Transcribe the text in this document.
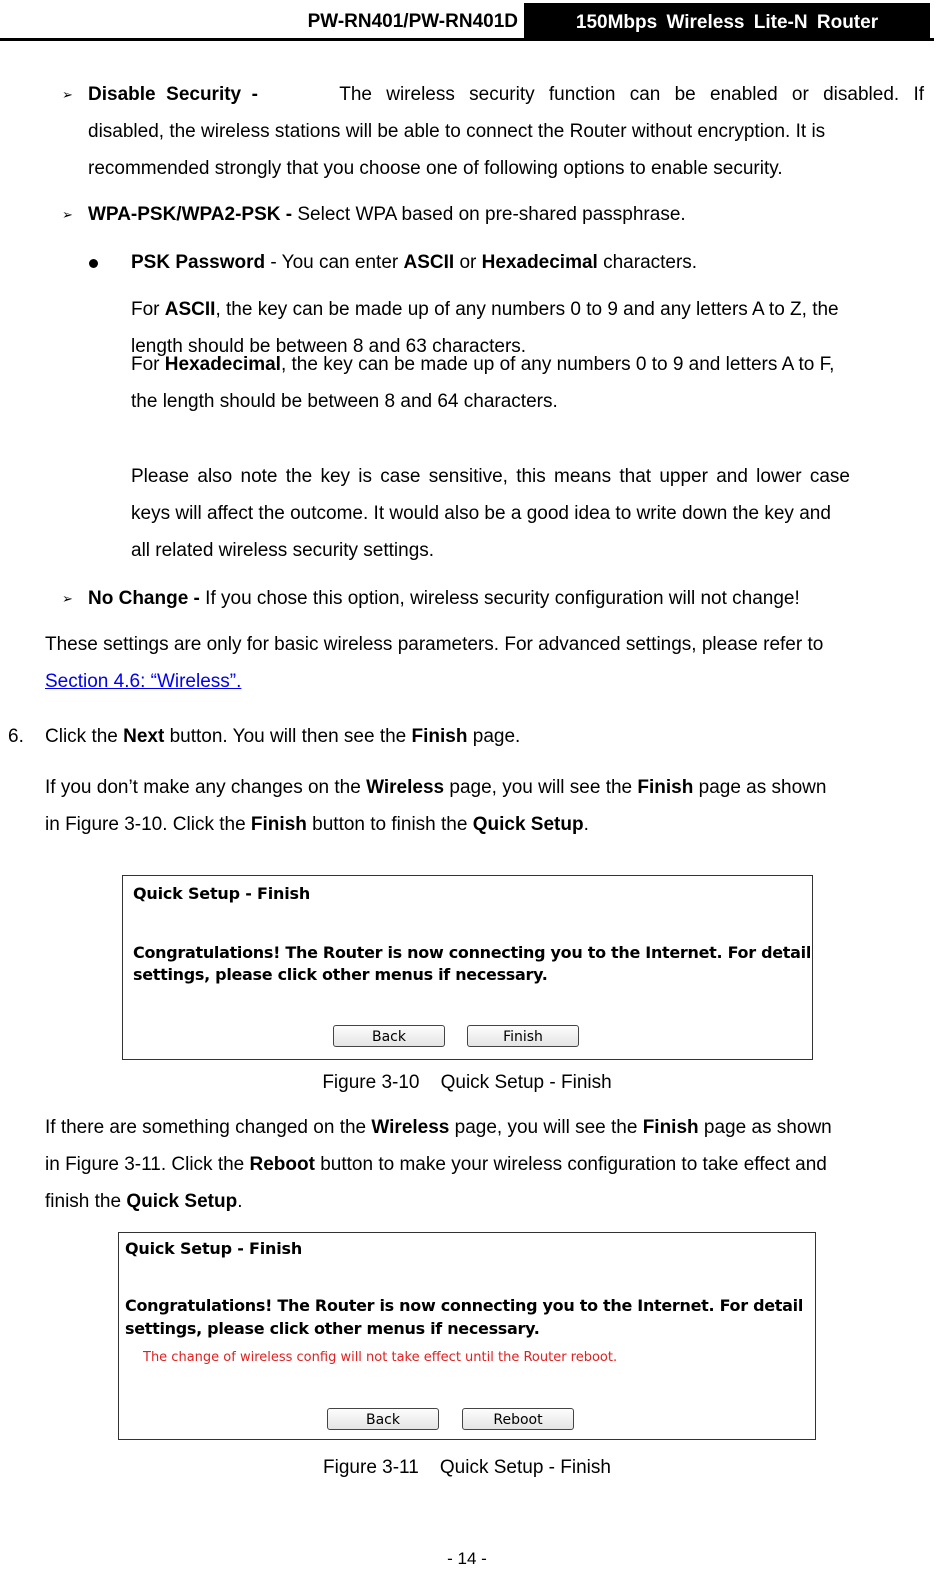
PW-RN401/PW-RN401D	150Mbps Wireless Lite-N Router
➢ Disable  Security  -	The wireless security function can be enabled or disabled. If
disabled, the wireless stations will be able to connect the Router without encryption. It is
recommended strongly that you choose one of following options to enable security.
➢ WPA-PSK/WPA2-PSK - Select WPA based on pre-shared passphrase.
PSK Password - You can enter ASCII or Hexadecimal characters.
For ASCII, the key can be made up of any numbers 0 to 9 and any letters A to Z, the
length should be between 8 and 63 characters.
For Hexadecimal, the key can be made up of any numbers 0 to 9 and letters A to F,
the length should be between 8 and 64 characters.
Please also note the key is case sensitive, this means that upper and lower case
keys will affect the outcome. It would also be a good idea to write down the key and
all related wireless security settings.
➢ No Change - If you chose this option, wireless security configuration will not change!
These settings are only for basic wireless parameters. For advanced settings, please refer to
Section 4.6: “Wireless”.
6. Click the Next button. You will then see the Finish page.
If you don’t make any changes on the Wireless page, you will see the Finish page as shown
in Figure 3-10. Click the Finish button to finish the Quick Setup.
Quick Setup - Finish
Congratulations! The Router is now connecting you to the Internet. For detail
settings, please click other menus if necessary.
Back	Finish
Figure 3-10    Quick Setup - Finish
If there are something changed on the Wireless page, you will see the Finish page as shown
in Figure 3-11. Click the Reboot button to make your wireless configuration to take effect and
finish the Quick Setup.
Quick Setup - Finish
Congratulations! The Router is now connecting you to the Internet. For detail
settings, please click other menus if necessary.
The change of wireless config will not take effect until the Router reboot.
Back	Reboot
Figure 3-11    Quick Setup - Finish
- 14 -
